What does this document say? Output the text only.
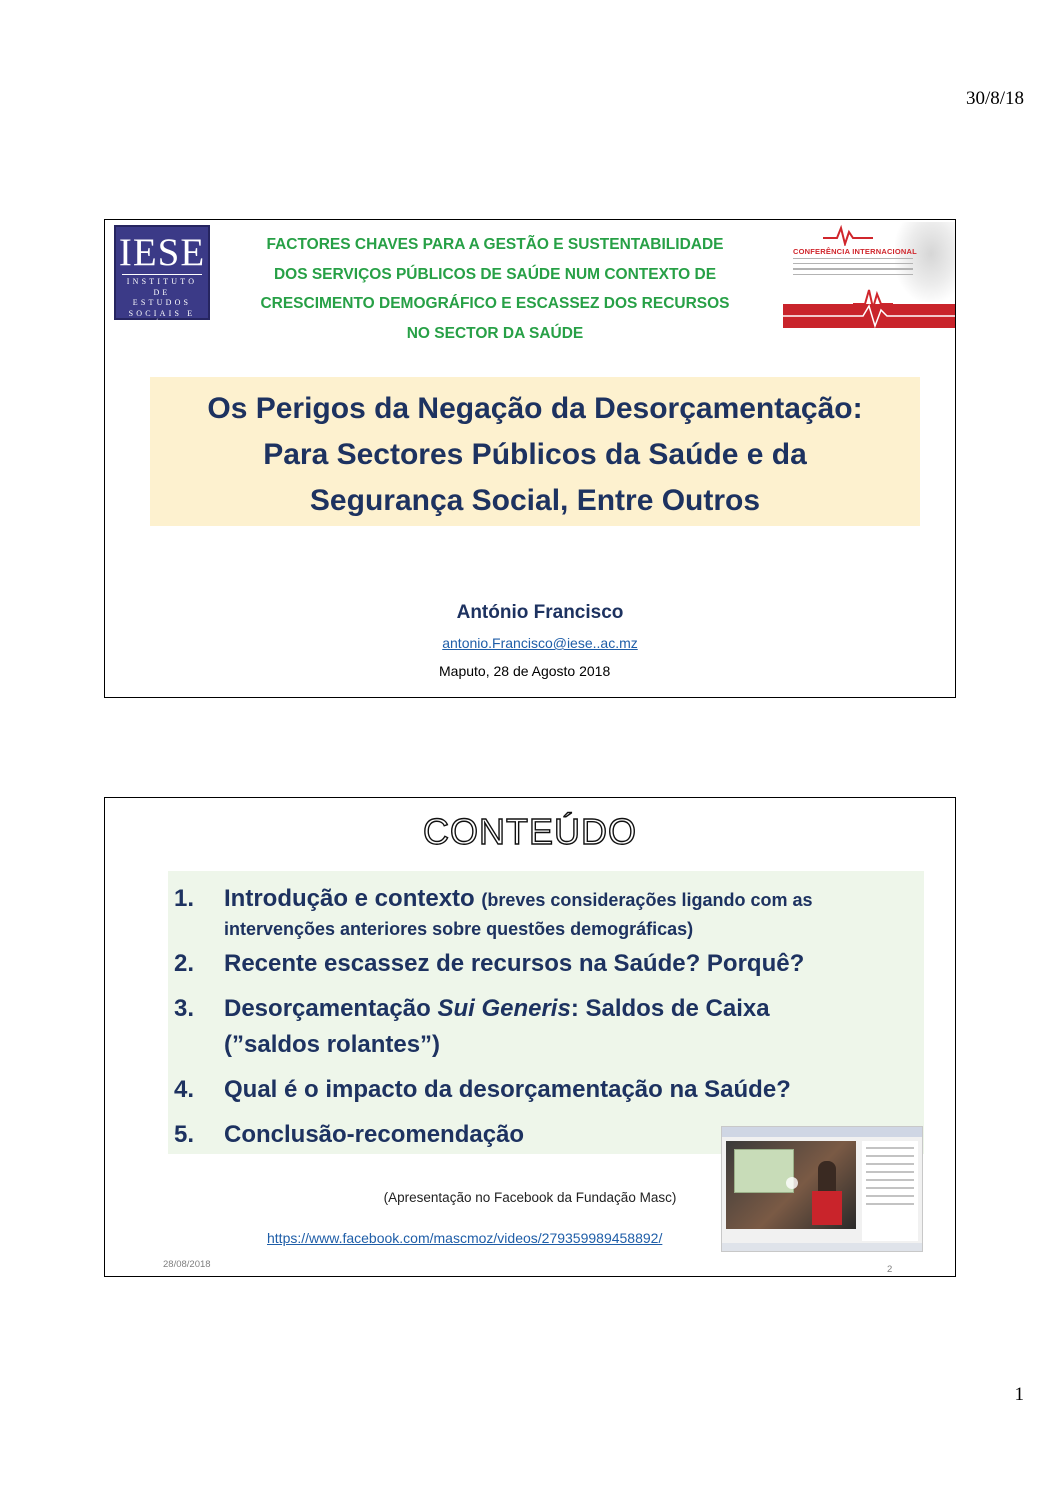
30/8/18
IESE
INSTITUTO DE
ESTUDOS
SOCIAIS E
ECONÓMICOS
FACTORES CHAVES PARA A GESTÃO E SUSTENTABILIDADE
DOS SERVIÇOS PÚBLICOS DE SAÚDE NUM CONTEXTO DE
CRESCIMENTO DEMOGRÁFICO E ESCASSEZ DOS RECURSOS
NO SECTOR DA SAÚDE
CONFERÊNCIA INTERNACIONAL
Os Perigos da Negação da Desorçamentação:
Para Sectores Públicos da Saúde e da
Segurança Social, Entre Outros
António Francisco
antonio.Francisco@iese..ac.mz
Maputo, 28 de Agosto 2018
CONTEÚDO
1. Introdução e contexto (breves considerações ligando com as
intervenções anteriores sobre questões demográficas)
2. Recente escassez de recursos na Saúde? Porquê?
3. Desorçamentação Sui Generis: Saldos de Caixa
(”saldos rolantes”)
4. Qual é o impacto da desorçamentação na Saúde?
5. Conclusão-recomendação
(Apresentação no Facebook da Fundação Masc)
https://www.facebook.com/mascmoz/videos/279359989458892/
28/08/2018	2
1
